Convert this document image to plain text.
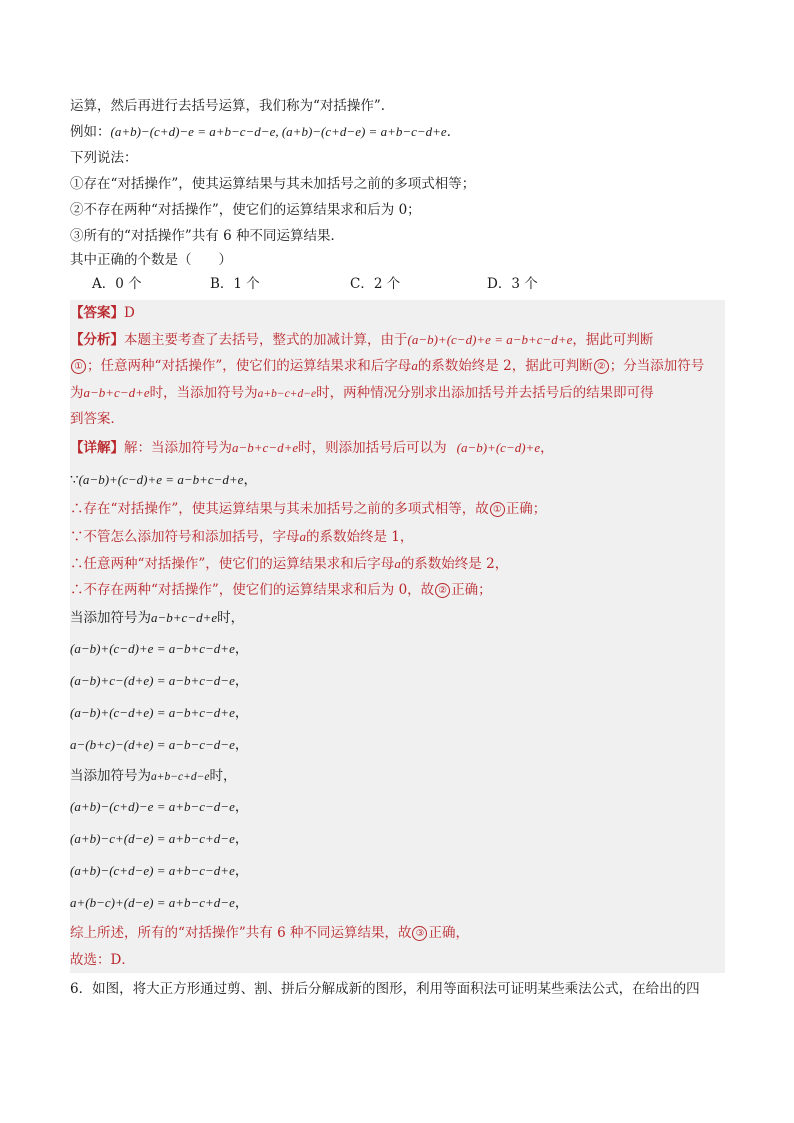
运算，然后再进行去括号运算，我们称为“对括操作”．
例如：(a+b)−(c+d)−e = a+b−c−d−e, (a+b)−(c+d−e) = a+b−c−d+e．
下列说法：
①存在“对括操作”，使其运算结果与其未加括号之前的多项式相等；
②不存在两种“对括操作”，使它们的运算结果求和后为 0；
③所有的“对括操作”共有 6 种不同运算结果．
其中正确的个数是（　　）
A．0 个	B．1 个	C．2 个	D．3 个
【答案】D
【分析】本题主要考查了去括号，整式的加减计算，由于(a−b)+(c−d)+e = a−b+c−d+e，据此可判断
① ；任意两种“对括操作”，使它们的运算结果求和后字母a的系数始终是 2，据此可判断 ② ；分当添加符号
为a−b+c−d+e时，当添加符号为a+b−c+d−e时，两种情况分别求出添加括号并去括号后的结果即可得
到答案．
【详解】解：当添加符号为a−b+c−d+e时，则添加括号后可以为 (a−b)+(c−d)+e，
∵(a−b)+(c−d)+e = a−b+c−d+e，
∴存在“对括操作”，使其运算结果与其未加括号之前的多项式相等，故 ① 正确；
∵不管怎么添加符号和添加括号，字母a的系数始终是 1，
∴任意两种“对括操作”，使它们的运算结果求和后字母a的系数始终是 2，
∴不存在两种“对括操作”，使它们的运算结果求和后为 0，故 ② 正确；
当添加符号为a−b+c−d+e时，
(a−b)+(c−d)+e = a−b+c−d+e，
(a−b)+c−(d+e) = a−b+c−d−e，
(a−b)+(c−d+e) = a−b+c−d+e，
a−(b+c)−(d+e) = a−b−c−d−e，
当添加符号为a+b−c+d−e时，
(a+b)−(c+d)−e = a+b−c−d−e，
(a+b)−c+(d−e) = a+b−c+d−e，
(a+b)−(c+d−e) = a+b−c−d+e，
a+(b−c)+(d−e) = a+b−c+d−e，
综上所述，所有的“对括操作”共有 6 种不同运算结果，故 ③ 正确，
故选：D．
6．如图，将大正方形通过剪、割、拼后分解成新的图形，利用等面积法可证明某些乘法公式，在给出的四
